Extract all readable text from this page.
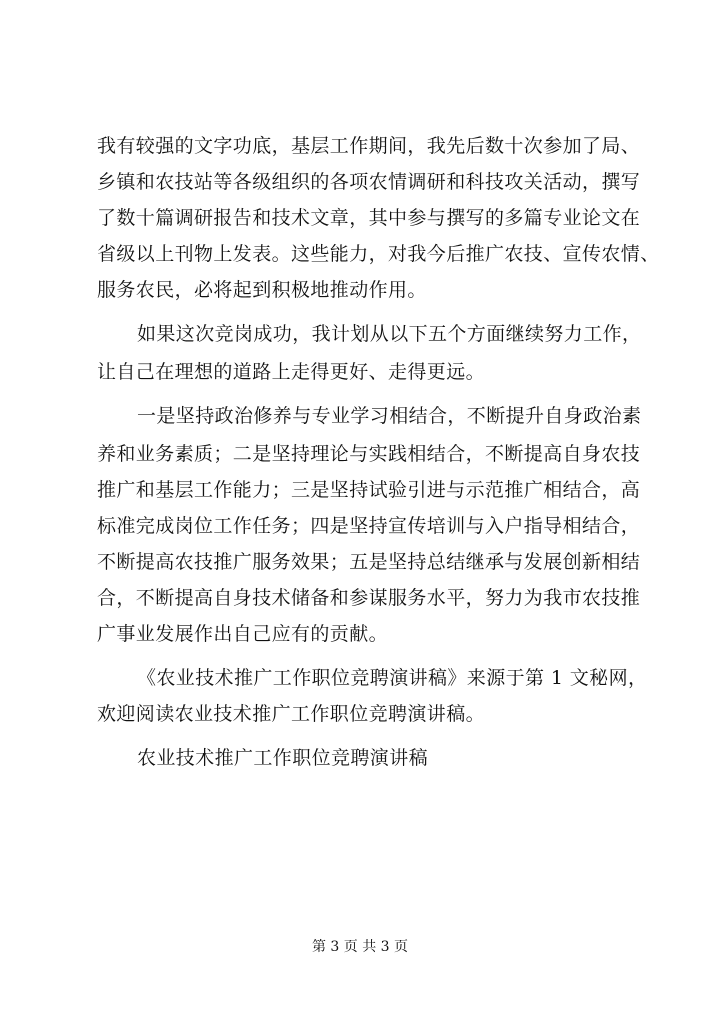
我有较强的文字功底，基层工作期间，我先后数十次参加了局、
乡镇和农技站等各级组织的各项农情调研和科技攻关活动，撰写
了数十篇调研报告和技术文章，其中参与撰写的多篇专业论文在
省级以上刊物上发表。这些能力，对我今后推广农技、宣传农情、
服务农民，必将起到积极地推动作用。
如果这次竞岗成功，我计划从以下五个方面继续努力工作，
让自己在理想的道路上走得更好、走得更远。
一是坚持政治修养与专业学习相结合，不断提升自身政治素
养和业务素质；二是坚持理论与实践相结合，不断提高自身农技
推广和基层工作能力；三是坚持试验引进与示范推广相结合，高
标准完成岗位工作任务；四是坚持宣传培训与入户指导相结合，
不断提高农技推广服务效果；五是坚持总结继承与发展创新相结
合，不断提高自身技术储备和参谋服务水平，努力为我市农技推
广事业发展作出自己应有的贡献。
《农业技术推广工作职位竞聘演讲稿》来源于第 1 文秘网，
欢迎阅读农业技术推广工作职位竞聘演讲稿。
农业技术推广工作职位竞聘演讲稿
第 3 页 共 3 页
